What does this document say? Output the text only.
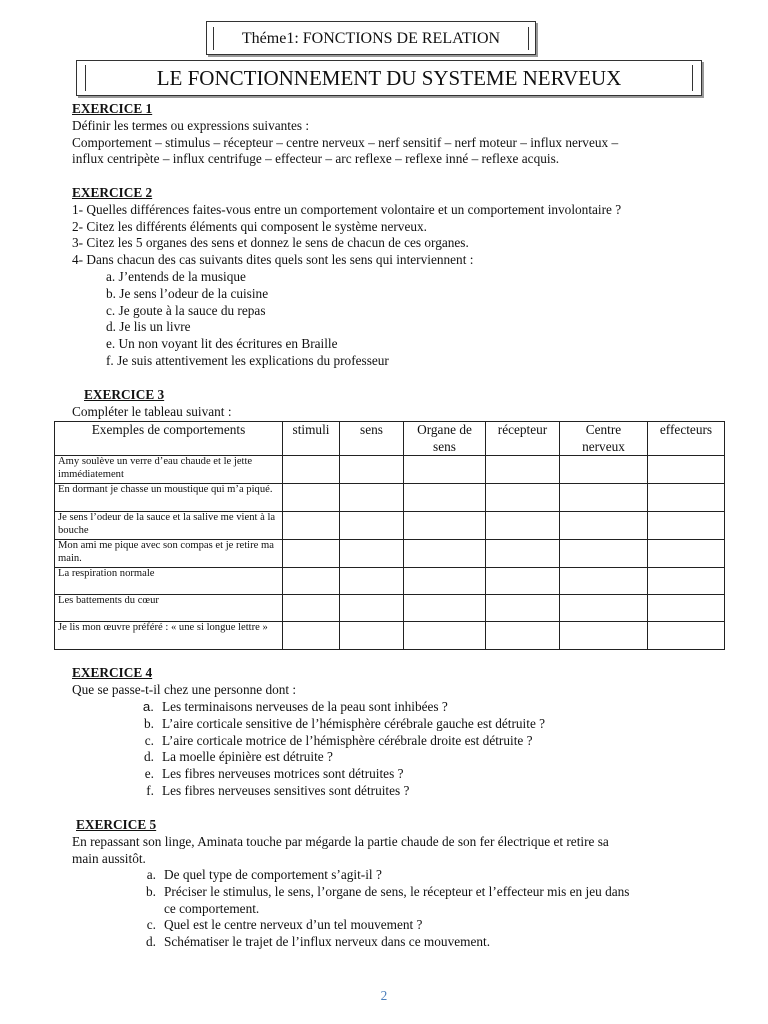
Théme1: FONCTIONS DE RELATION
LE FONCTIONNEMENT DU SYSTEME NERVEUX
EXERCICE 1
Définir les termes ou expressions suivantes :
Comportement – stimulus – récepteur – centre nerveux – nerf sensitif – nerf moteur – influx nerveux –
influx centripète – influx centrifuge – effecteur – arc reflexe – reflexe inné – reflexe acquis.
EXERCICE 2
1- Quelles différences faites-vous entre un comportement volontaire et un comportement involontaire ?
2- Citez les différents éléments qui composent le système nerveux.
3- Citez les 5 organes des sens et donnez le sens de chacun de ces organes.
4- Dans chacun des cas suivants dites quels sont les sens qui interviennent :
a. J’entends de la musique
b. Je sens l’odeur de la cuisine
c. Je goute à la sauce du repas
d. Je lis un livre
e. Un non voyant lit des écritures en Braille
f. Je suis attentivement les explications du professeur
EXERCICE 3
Compléter le tableau suivant :
Exemples de comportements	stimuli	sens	Organe de sens	récepteur	Centre nerveux	effecteurs
Amy soulève un verre d’eau chaude et le jette immédiatement						
En dormant je chasse un moustique qui m’a piqué.						
Je sens l’odeur de la sauce et la salive me vient à la bouche						
Mon ami me pique avec son compas et je retire ma main.						
La respiration normale						
Les battements du cœur						
Je lis mon œuvre préféré : « une si longue lettre »						
EXERCICE 4
Que se passe-t-il chez une personne dont :
a. Les terminaisons nerveuses de la peau sont inhibées ?
b. L’aire corticale sensitive de l’hémisphère cérébrale gauche est détruite ?
c. L’aire corticale motrice de l’hémisphère cérébrale droite est détruite ?
d. La moelle épinière est détruite ?
e. Les fibres nerveuses motrices sont détruites ?
f. Les fibres nerveuses sensitives sont détruites ?
EXERCICE 5
En repassant son linge, Aminata touche par mégarde la partie chaude de son fer électrique et retire sa
main aussitôt.
a. De quel type de comportement s’agit-il ?
b. Préciser le stimulus, le sens, l’organe de sens, le récepteur et l’effecteur mis en jeu dans
ce comportement.
c. Quel est le centre nerveux d’un tel mouvement ?
d. Schématiser le trajet de l’influx nerveux dans ce mouvement.
2
